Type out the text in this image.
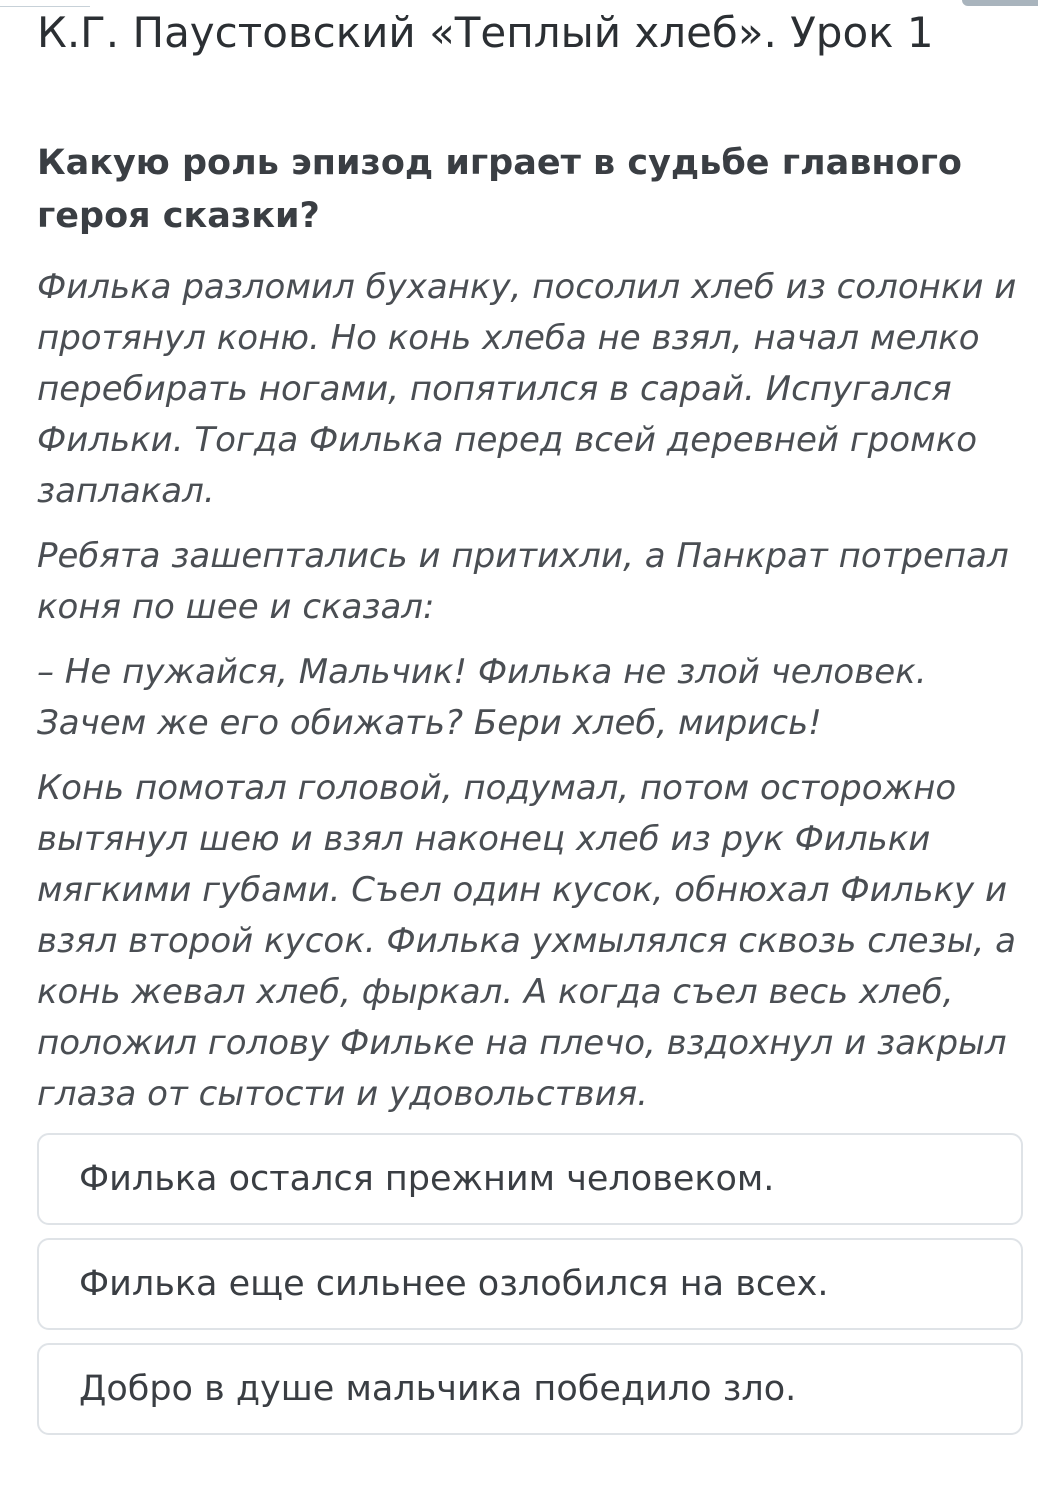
К.Г. Паустовский «Теплый хлеб». Урок 1
Какую роль эпизод играет в судьбе главного героя сказки?

Филька разломил буханку, посолил хлеб из солонки и протянул коню. Но конь хлеба не взял, начал мелко перебирать ногами, попятился в сарай. Испугался Фильки. Тогда Филька перед всей деревней громко заплакал.

Ребята зашептались и притихли, а Панкрат потрепал коня по шее и сказал:

– Не пужайся, Мальчик! Филька не злой человек. Зачем же его обижать? Бери хлеб, мирись!

Конь помотал головой, подумал, потом осторожно вытянул шею и взял наконец хлеб из рук Фильки мягкими губами. Съел один кусок, обнюхал Фильку и взял второй кусок. Филька ухмылялся сквозь слезы, а конь жевал хлеб, фыркал. А когда съел весь хлеб, положил голову Фильке на плечо, вздохнул и закрыл глаза от сытости и удовольствия.

Филька остался прежним человеком.
Филька еще сильнее озлобился на всех.
Добро в душе мальчика победило зло.
